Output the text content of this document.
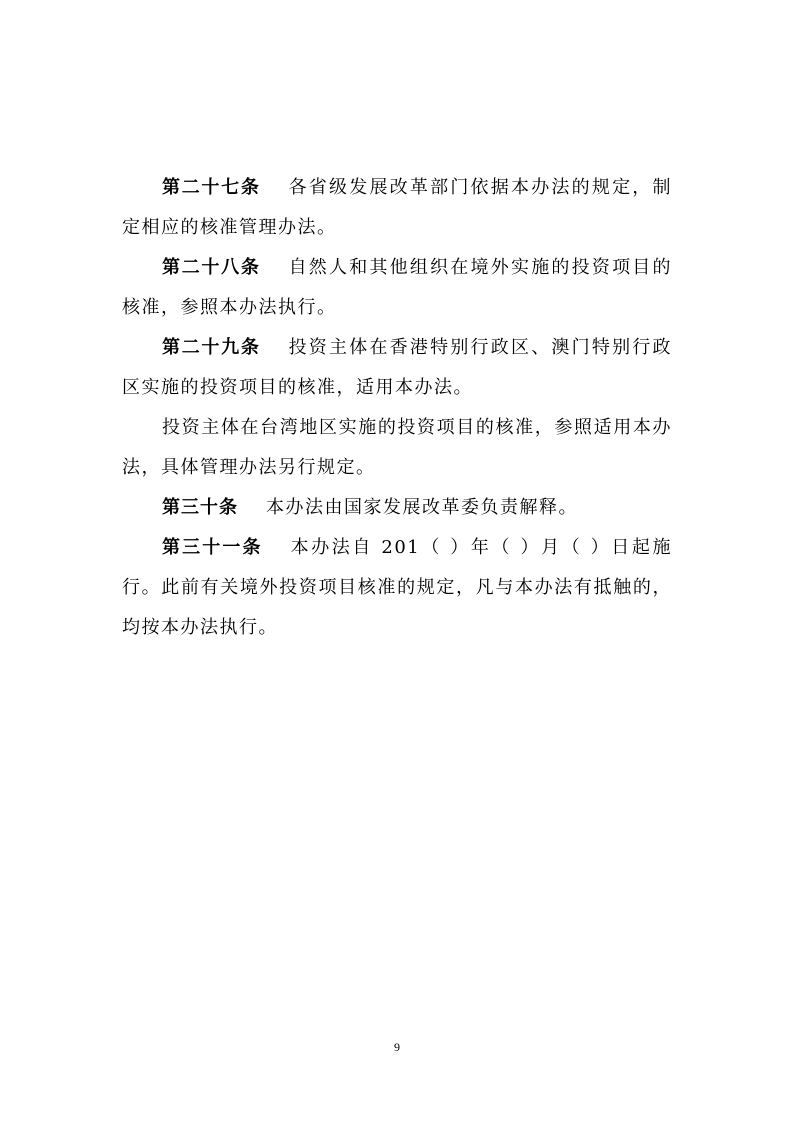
第二十七条 各省级发展改革部门依据本办法的规定，制定相应的核准管理办法。

第二十八条 自然人和其他组织在境外实施的投资项目的核准，参照本办法执行。

第二十九条 投资主体在香港特别行政区、澳门特别行政区实施的投资项目的核准，适用本办法。

投资主体在台湾地区实施的投资项目的核准，参照适用本办法，具体管理办法另行规定。

第三十条 本办法由国家发展改革委负责解释。

第三十一条 本办法自 201（ ）年（ ）月（ ）日起施行。此前有关境外投资项目核准的规定，凡与本办法有抵触的，均按本办法执行。

9
